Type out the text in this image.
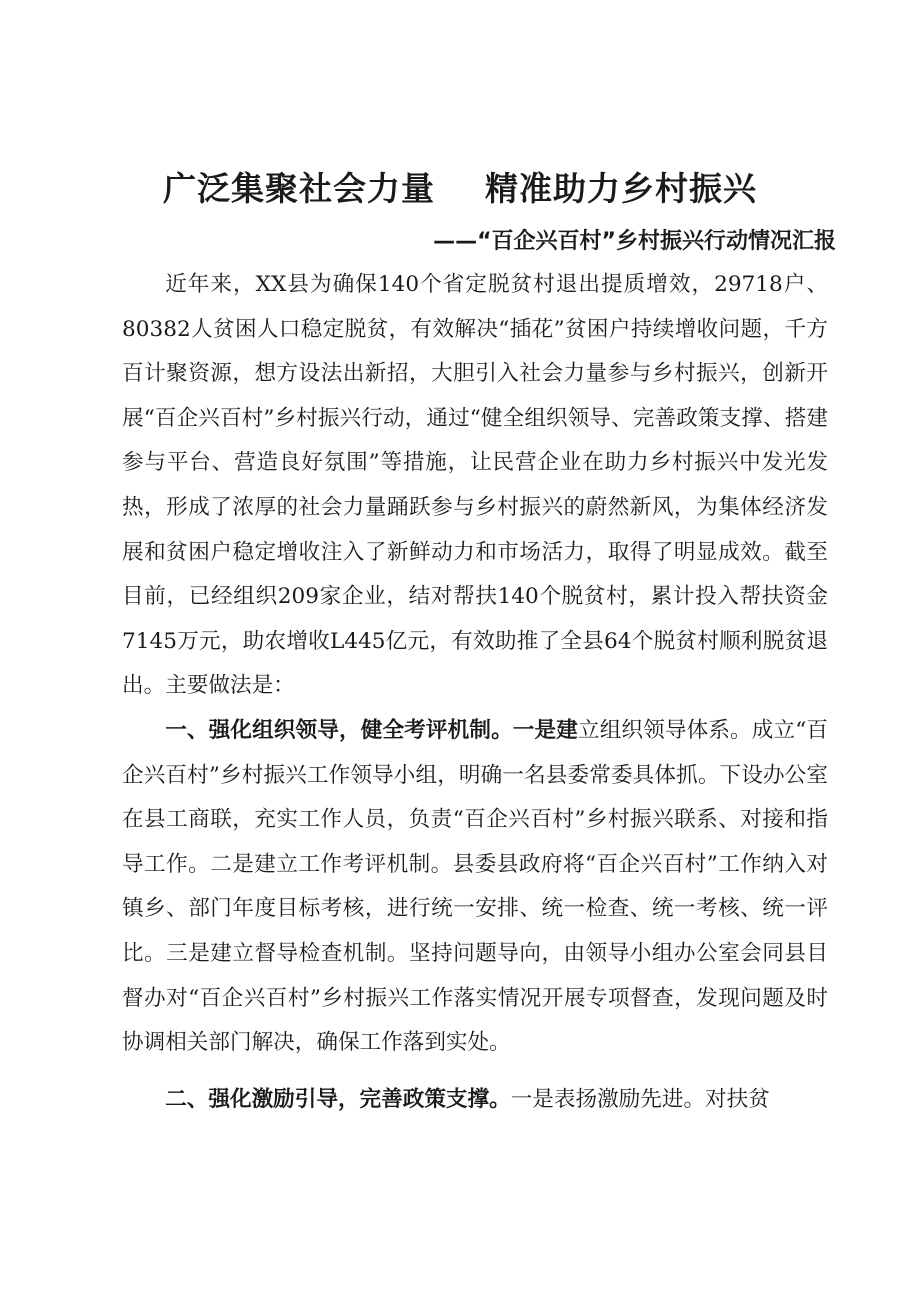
广泛集聚社会力量    精准助力乡村振兴
——“百企兴百村”乡村振兴行动情况汇报

近年来，XX县为确保140个省定脱贫村退出提质增效，29718户、80382人贫困人口稳定脱贫，有效解决“插花”贫困户持续增收问题，千方百计聚资源，想方设法出新招，大胆引入社会力量参与乡村振兴，创新开展“百企兴百村”乡村振兴行动，通过“健全组织领导、完善政策支撑、搭建参与平台、营造良好氛围”等措施，让民营企业在助力乡村振兴中发光发热，形成了浓厚的社会力量踊跃参与乡村振兴的蔚然新风，为集体经济发展和贫困户稳定增收注入了新鲜动力和市场活力，取得了明显成效。截至目前，已经组织209家企业，结对帮扶140个脱贫村，累计投入帮扶资金7145万元，助农增收L445亿元，有效助推了全县64个脱贫村顺利脱贫退出。主要做法是：

一、强化组织领导，健全考评机制。一是建立组织领导体系。成立“百企兴百村”乡村振兴工作领导小组，明确一名县委常委具体抓。下设办公室在县工商联，充实工作人员，负责“百企兴百村”乡村振兴联系、对接和指导工作。二是建立工作考评机制。县委县政府将“百企兴百村”工作纳入对镇乡、部门年度目标考核，进行统一安排、统一检查、统一考核、统一评比。三是建立督导检查机制。坚持问题导向，由领导小组办公室会同县目督办对“百企兴百村”乡村振兴工作落实情况开展专项督查，发现问题及时协调相关部门解决，确保工作落到实处。

二、强化激励引导，完善政策支撑。一是表扬激励先进。对扶贫
